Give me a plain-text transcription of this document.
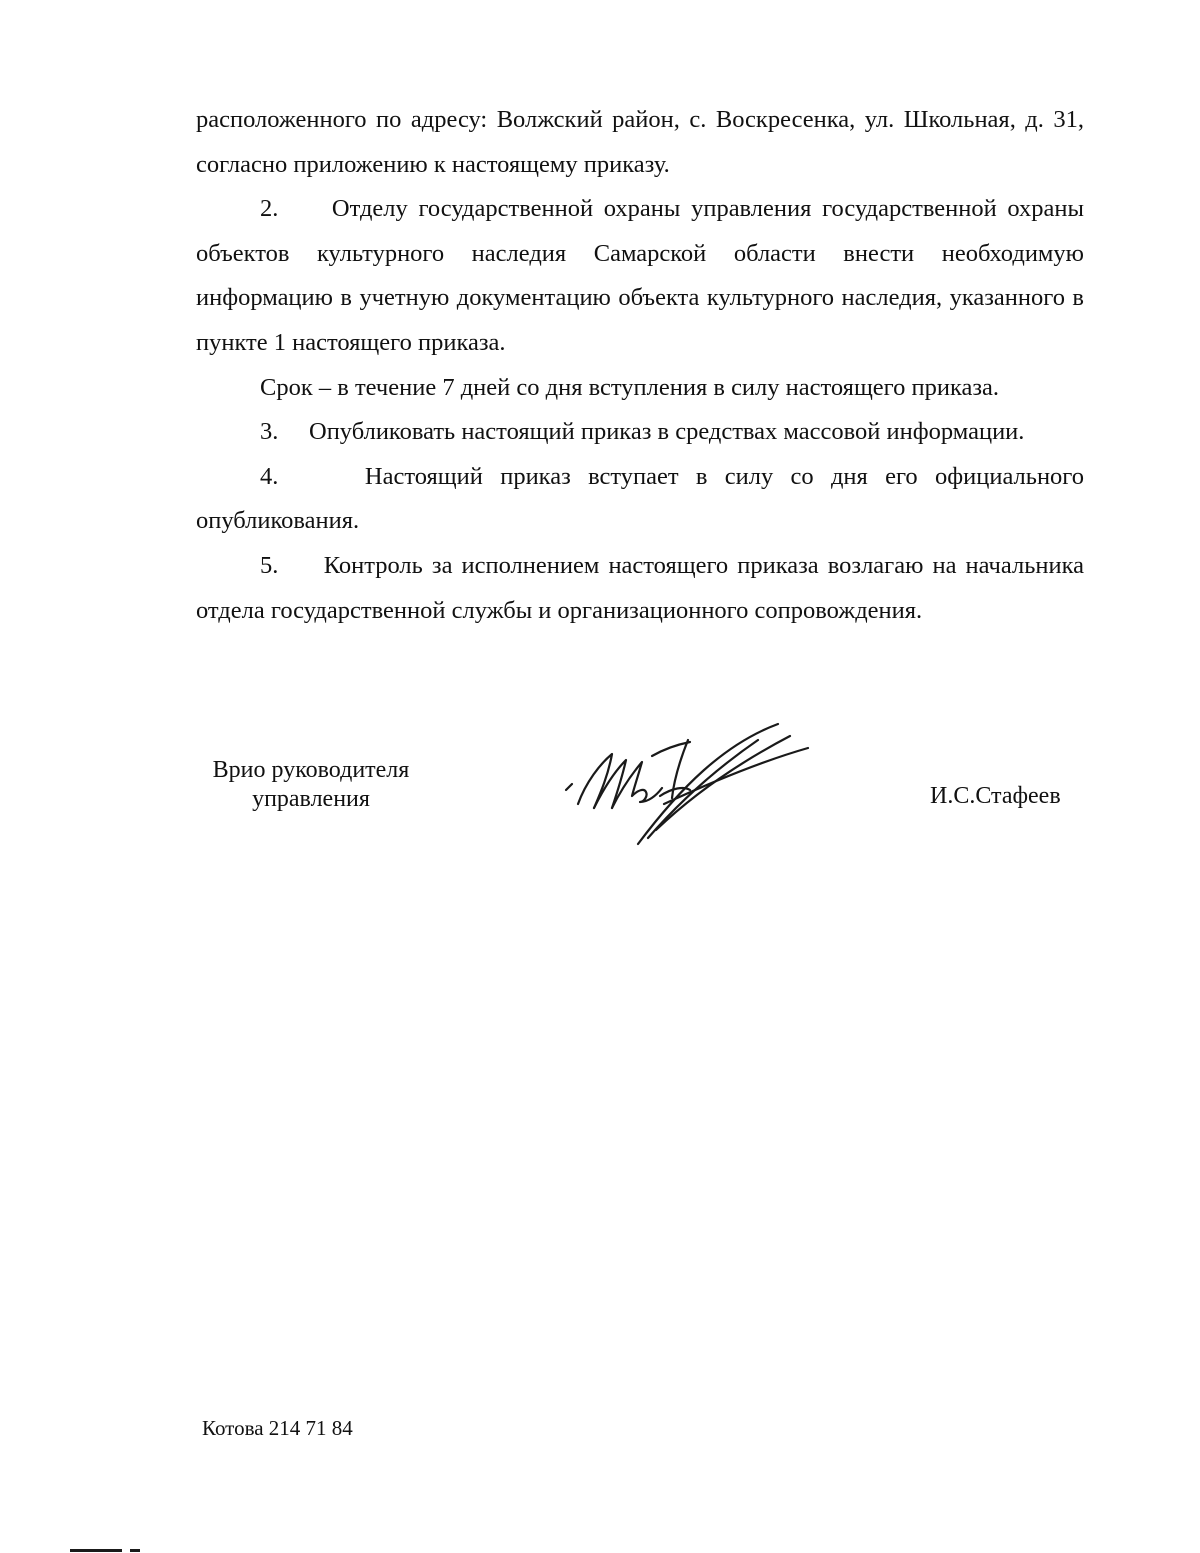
расположенного по адресу: Волжский район, с. Воскресенка, ул. Школьная, д. 31, согласно приложению к настоящему приказу.

2.     Отделу государственной охраны управления государственной охраны объектов культурного наследия Самарской области внести необходимую информацию в учетную документацию объекта культурного наследия, указанного в пункте 1 настоящего приказа.

Срок – в течение 7 дней со дня вступления в силу настоящего приказа.

3.     Опубликовать настоящий приказ в средствах массовой информации.

4.     Настоящий приказ вступает в силу со дня его официального опубликования.

5.     Контроль за исполнением настоящего приказа возлагаю на начальника отдела государственной службы и организационного сопровождения.

Врио руководителя
управления	И.С.Стафеев
Котова 214 71 84
